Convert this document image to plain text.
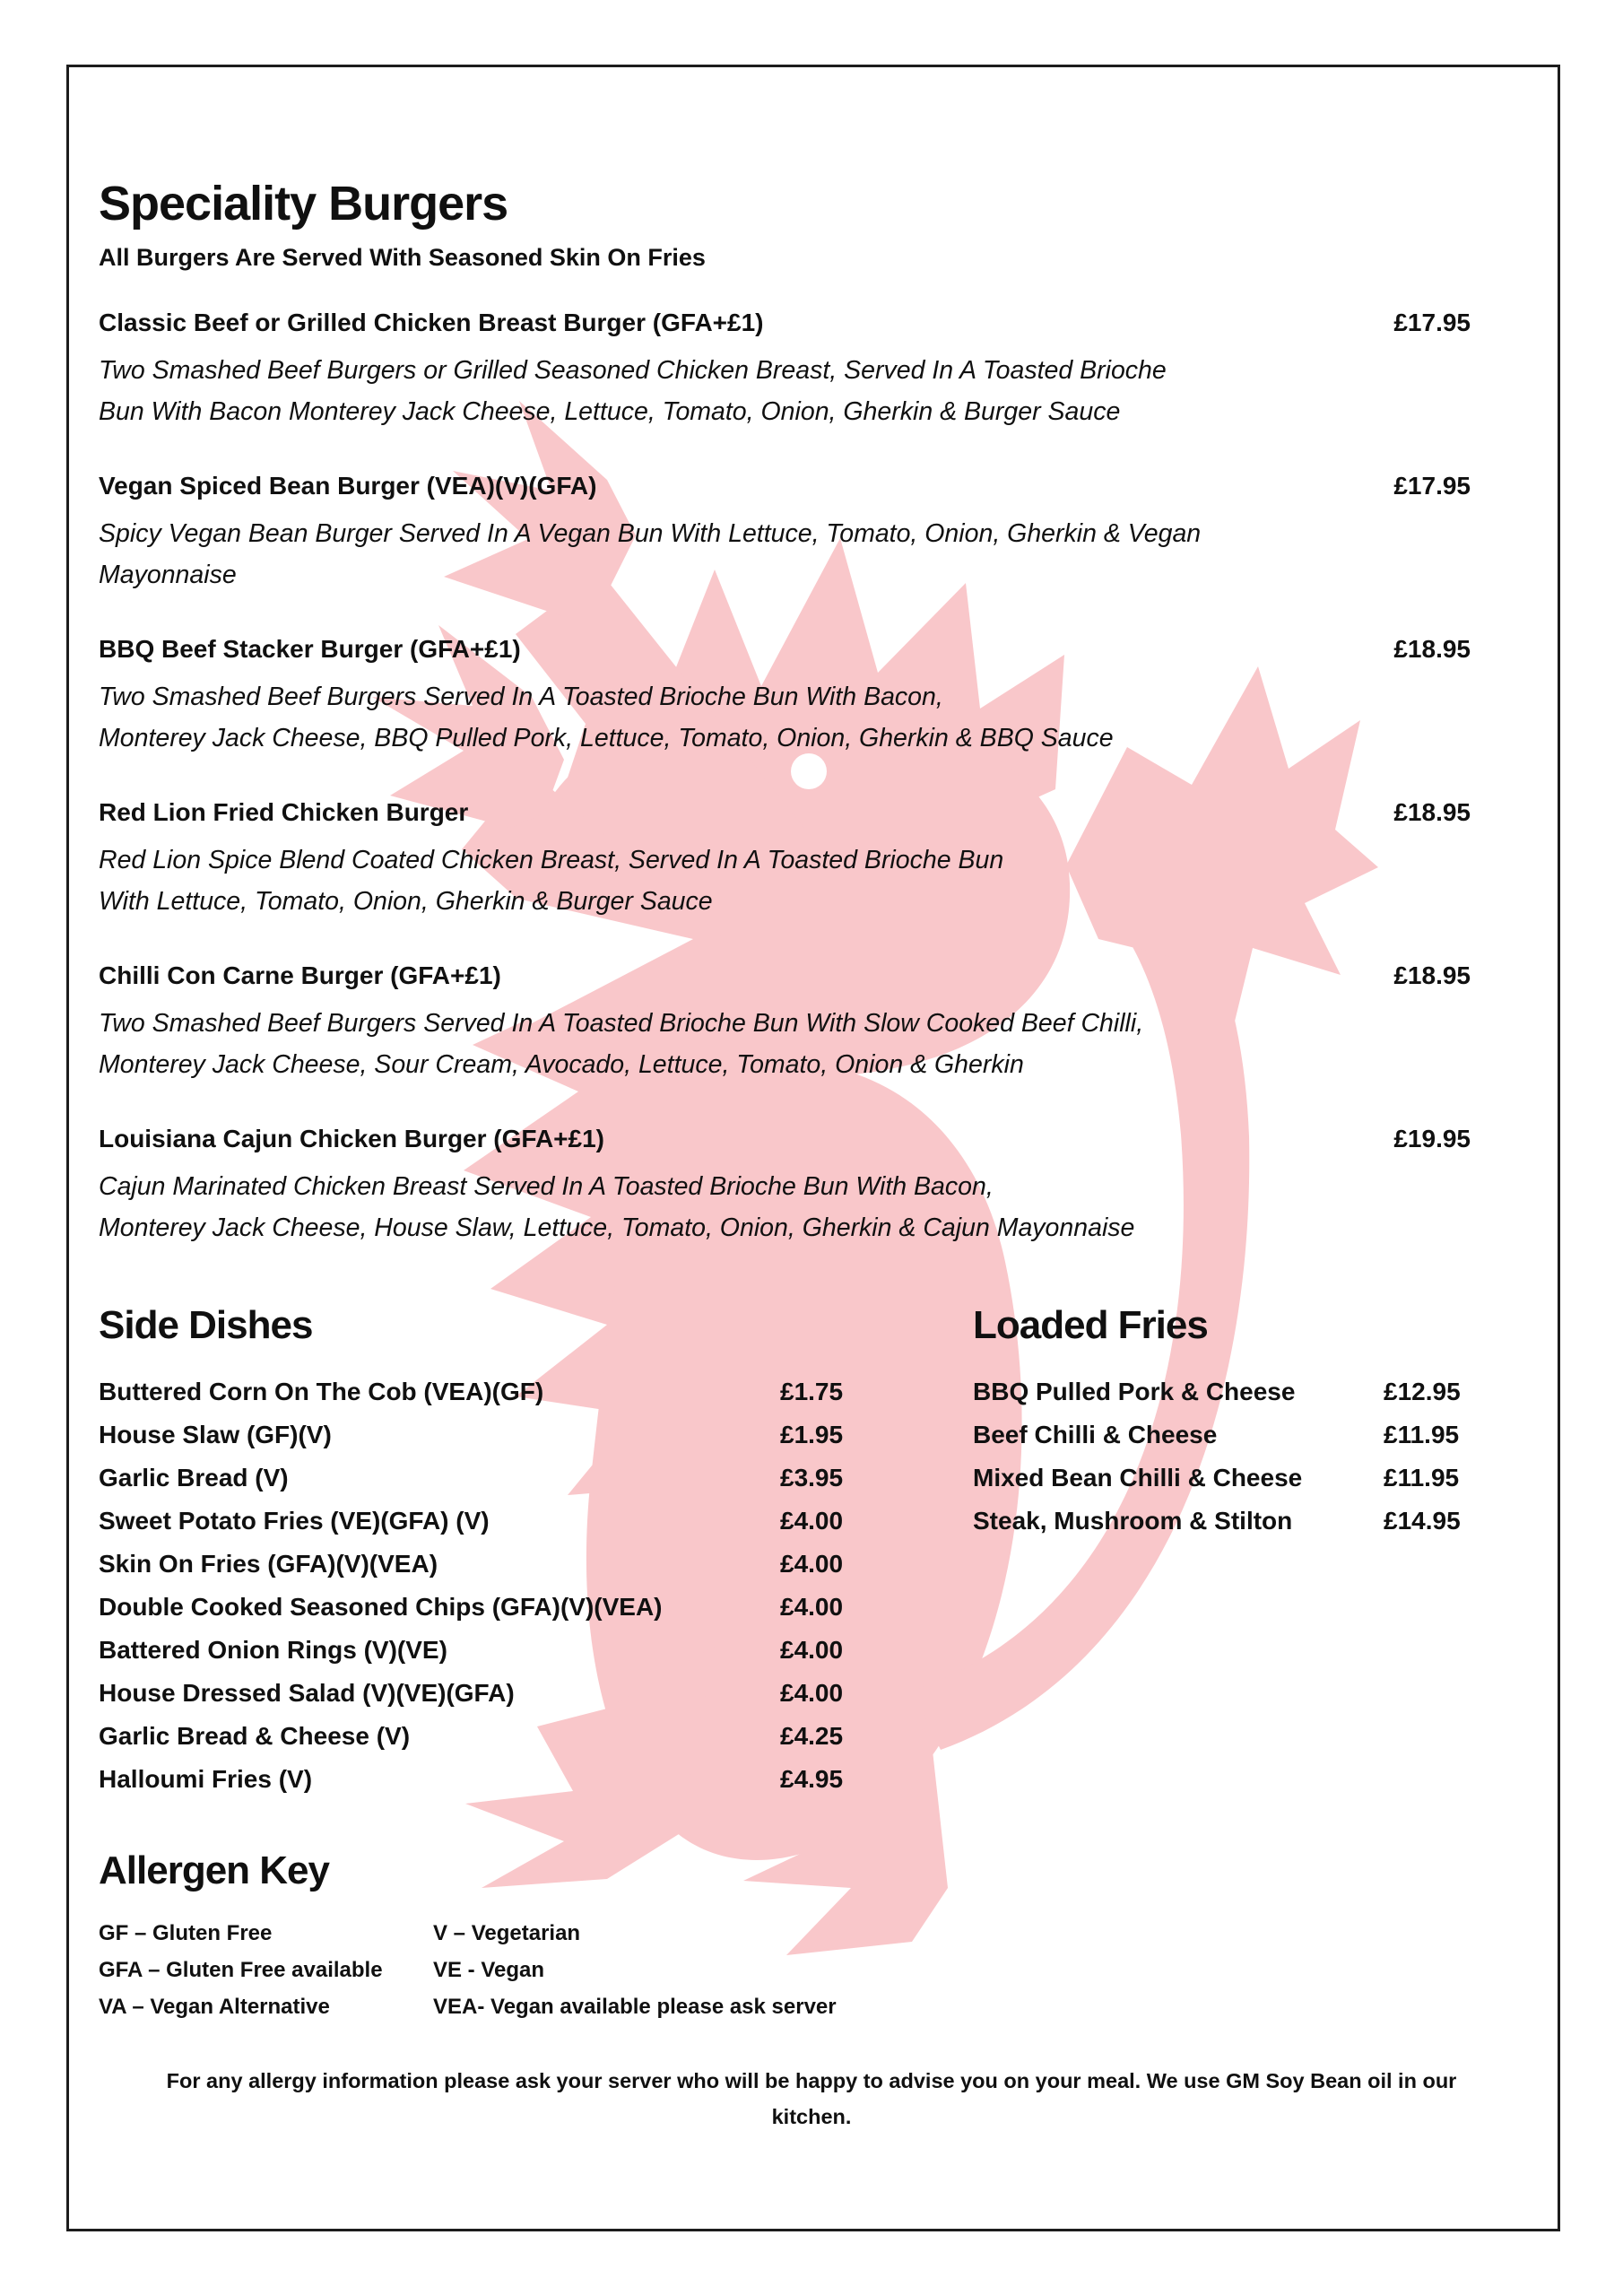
Speciality Burgers
All Burgers Are Served With Seasoned Skin On Fries
Classic Beef or Grilled Chicken Breast Burger (GFA+£1)	£17.95
Two Smashed Beef Burgers or Grilled Seasoned Chicken Breast, Served In A Toasted Brioche
Bun With Bacon Monterey Jack Cheese, Lettuce, Tomato, Onion, Gherkin & Burger Sauce
Vegan Spiced Bean Burger (VEA)(V)(GFA)	£17.95
Spicy Vegan Bean Burger Served In A Vegan Bun With Lettuce, Tomato, Onion, Gherkin & Vegan
Mayonnaise
BBQ Beef Stacker Burger (GFA+£1)	£18.95
Two Smashed Beef Burgers Served In A Toasted Brioche Bun With Bacon,
Monterey Jack Cheese, BBQ Pulled Pork, Lettuce, Tomato, Onion, Gherkin & BBQ Sauce
Red Lion Fried Chicken Burger	£18.95
Red Lion Spice Blend Coated Chicken Breast, Served In A Toasted Brioche Bun
With Lettuce, Tomato, Onion, Gherkin & Burger Sauce
Chilli Con Carne Burger (GFA+£1)	£18.95
Two Smashed Beef Burgers Served In A Toasted Brioche Bun With Slow Cooked Beef Chilli,
Monterey Jack Cheese, Sour Cream, Avocado, Lettuce, Tomato, Onion & Gherkin
Louisiana Cajun Chicken Burger (GFA+£1)	£19.95
Cajun Marinated Chicken Breast Served In A Toasted Brioche Bun With Bacon,
Monterey Jack Cheese, House Slaw, Lettuce, Tomato, Onion, Gherkin & Cajun Mayonnaise
Side Dishes
Buttered Corn On The Cob (VEA)(GF)	£1.75
House Slaw (GF)(V)	£1.95
Garlic Bread (V)	£3.95
Sweet Potato Fries (VE)(GFA) (V)	£4.00
Skin On Fries (GFA)(V)(VEA)	£4.00
Double Cooked Seasoned Chips (GFA)(V)(VEA)	£4.00
Battered Onion Rings (V)(VE)	£4.00
House Dressed Salad (V)(VE)(GFA)	£4.00
Garlic Bread & Cheese (V)	£4.25
Halloumi Fries (V)	£4.95
Loaded Fries
BBQ Pulled Pork & Cheese	£12.95
Beef Chilli & Cheese	£11.95
Mixed Bean Chilli & Cheese	£11.95
Steak, Mushroom & Stilton	£14.95
Allergen Key
GF – Gluten Free	V – Vegetarian
GFA – Gluten Free available	VE - Vegan
VA – Vegan Alternative	VEA- Vegan available please ask server
For any allergy information please ask your server who will be happy to advise you on your meal. We use GM Soy Bean oil in our kitchen.
